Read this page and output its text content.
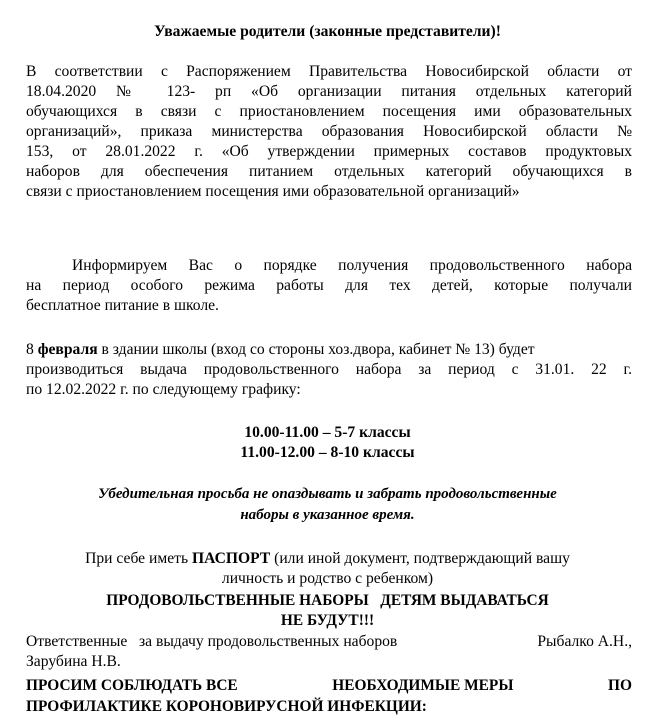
Уважаемые родители (законные представители)!
В соответствии с Распоряжением Правительства Новосибирской области от
18.04.2020 № 123- рп «Об организации питания отдельных категорий
обучающихся в связи с приостановлением посещения ими образовательных
организаций», приказа министерства образования Новосибирской области №
153, от 28.01.2022 г. «Об утверждении примерных составов продуктовых
наборов для обеспечения питанием отдельных категорий обучающихся в
связи с приостановлением посещения ими образовательной организаций»
Информируем Вас о порядке получения продовольственного набора
на период особого режима работы для тех детей, которые получали
бесплатное питание в школе.
8 февраля в здании школы (вход со стороны хоз.двора, кабинет № 13) будет
производиться выдача продовольственного набора за период с 31.01. 22 г.
по 12.02.2022 г. по следующему графику:
10.00-11.00 – 5-7 классы
11.00-12.00 – 8-10 классы
Убедительная просьба не опаздывать и забрать продовольственные
наборы в указанное время.
При себе иметь ПАСПОРТ (или иной документ, подтверждающий вашу
личность и родство с ребенком)
ПРОДОВОЛЬСТВЕННЫЕ НАБОРЫ   ДЕТЯМ ВЫДАВАТЬСЯ
НЕ БУДУТ!!!
Ответственные   за выдачу продовольственных наборов	Рыбалко А.Н.,
Зарубина Н.В.
ПРОСИМ СОБЛЮДАТЬ ВСЕ	НЕОБХОДИМЫЕ МЕРЫ	ПО
ПРОФИЛАКТИКЕ КОРОНОВИРУСНОЙ ИНФЕКЦИИ:
